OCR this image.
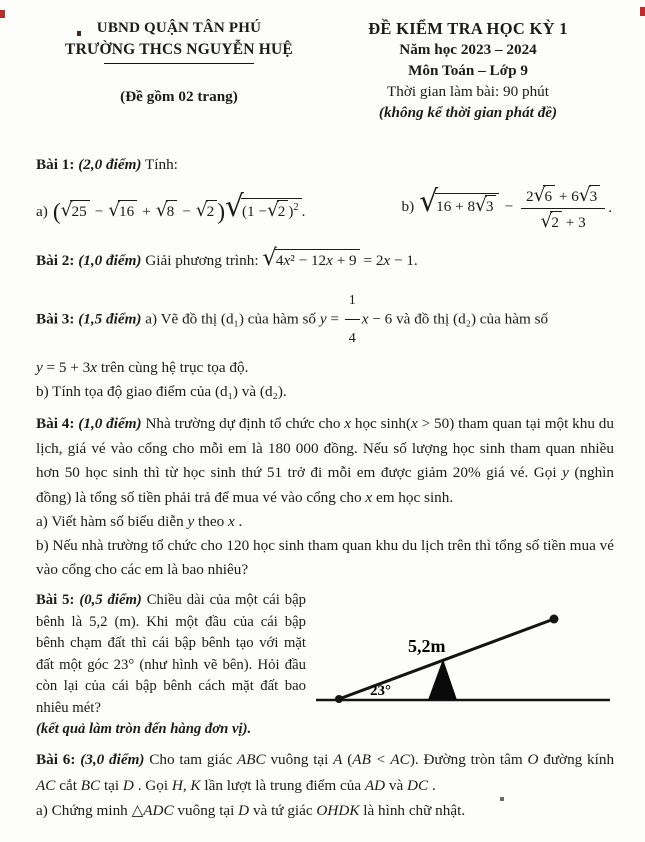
UBND QUẬN TÂN PHÚ
TRƯỜNG THCS NGUYỄN HUỆ
(Đề gồm 02 trang)
ĐỀ KIỂM TRA HỌC KỲ 1
Năm học 2023 – 2024
Môn Toán – Lớp 9
Thời gian làm bài: 90 phút
(không kể thời gian phát đề)
Bài 1: (2,0 điểm) Tính:
a) (√25 − √16 + √8 − √2 )√(1 −√2 )$^2$ .	b) $√16 + 8√3 - \frac{2√6 + 6√3}{√2 + 3}$ .
Bài 2: (1,0 điểm) Giải phương trình: √4x² − 12x + 9 = 2x − 1.
Bài 3: (1,5 điểm) a) Vẽ đồ thị (d₁) của hàm số $y = \frac{1}{4}$ x − 6 và đồ thị (d₂) của hàm số
y = 5 + 3x trên cùng hệ trục tọa độ.
b) Tính tọa độ giao điểm của (d₁) và (d₂).

Bài 4: (1,0 điểm) Nhà trường dự định tổ chức cho x học sinh(x > 50) tham quan tại một khu du lịch, giá vé vào cổng cho mỗi em là 180 000 đồng. Nếu số lượng học sinh tham quan nhiều hơn 50 học sinh thì từ học sinh thứ 51 trở đi mỗi em được giảm 20% giá vé. Gọi y (nghìn đồng) là tổng số tiền phải trả để mua vé vào cổng cho x em học sinh.

a) Viết hàm số biểu diễn y theo x .
b) Nếu nhà trường tổ chức cho 120 học sinh tham quan khu du lịch trên thì tổng số tiền mua vé vào cổng cho các em là bao nhiêu?
Bài 5: (0,5 điểm) Chiều dài của một cái bập bênh là 5,2 (m). Khi một đầu của cái bập bênh chạm đất thì cái bập bênh tạo với mặt đất một góc 23° (như hình vẽ bên). Hỏi đầu còn lại của cái bập bênh cách mặt đất bao nhiêu mét?
(kết quả làm tròn đến hàng đơn vị).
5,2m
23°

Bài 6: (3,0 điểm) Cho tam giác ABC vuông tại A (AB < AC). Đường tròn tâm O đường kính AC cắt BC tại D . Gọi H, K lần lượt là trung điểm của AD và DC .

a) Chứng minh △ADC vuông tại D và tứ giác OHDK là hình chữ nhật.
